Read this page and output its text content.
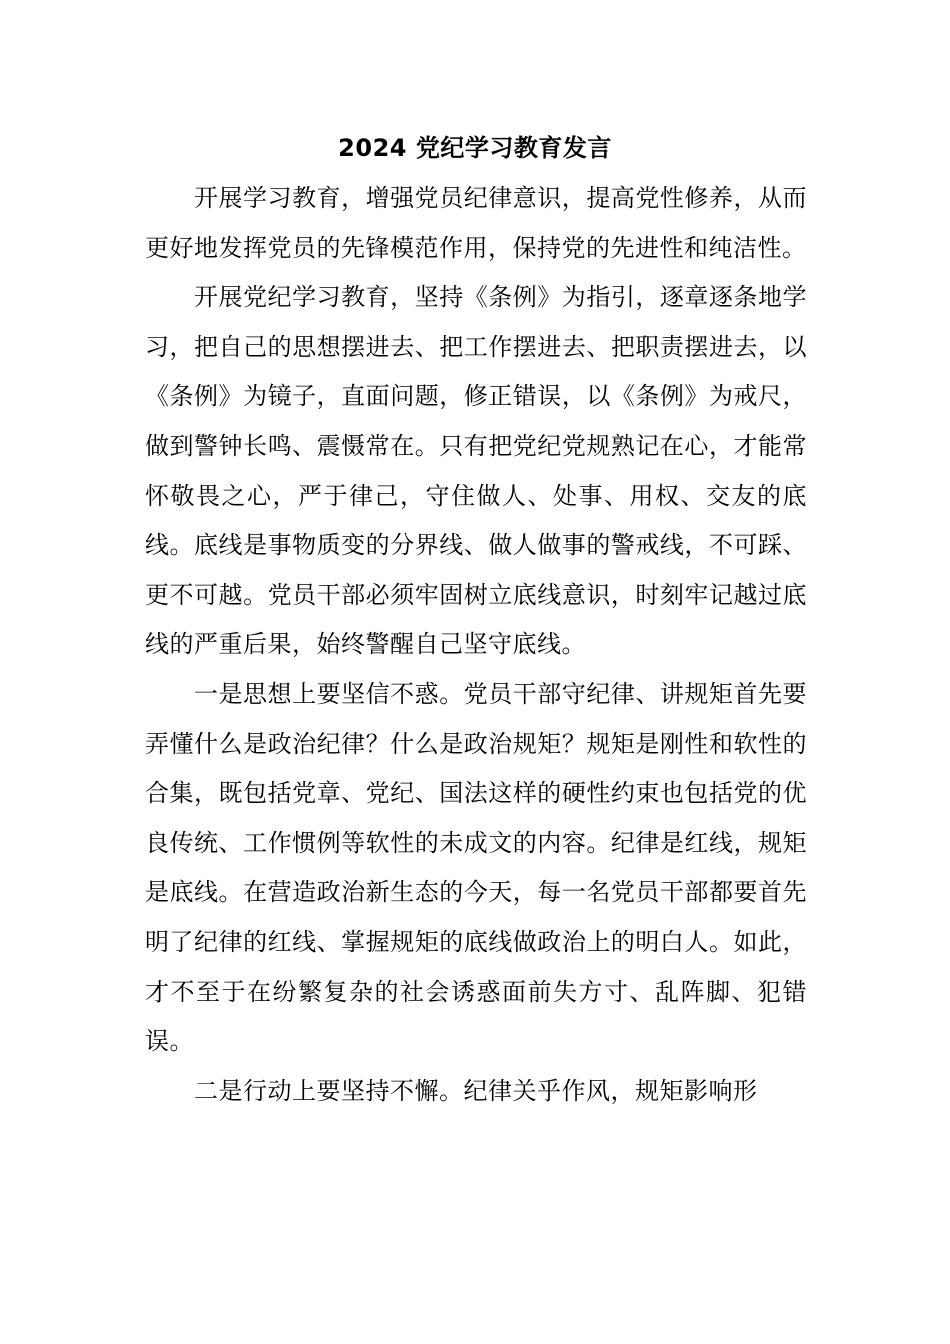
2024 党纪学习教育发言

开展学习教育，增强党员纪律意识，提高党性修养，从而更好地发挥党员的先锋模范作用，保持党的先进性和纯洁性。

开展党纪学习教育，坚持《条例》为指引，逐章逐条地学习，把自己的思想摆进去、把工作摆进去、把职责摆进去，以《条例》为镜子，直面问题，修正错误，以《条例》为戒尺，做到警钟长鸣、震慑常在。只有把党纪党规熟记在心，才能常怀敬畏之心，严于律己，守住做人、处事、用权、交友的底线。底线是事物质变的分界线、做人做事的警戒线，不可踩、更不可越。党员干部必须牢固树立底线意识，时刻牢记越过底线的严重后果，始终警醒自己坚守底线。

一是思想上要坚信不惑。党员干部守纪律、讲规矩首先要弄懂什么是政治纪律？什么是政治规矩？规矩是刚性和软性的合集，既包括党章、党纪、国法这样的硬性约束也包括党的优良传统、工作惯例等软性的未成文的内容。纪律是红线，规矩是底线。在营造政治新生态的今天，每一名党员干部都要首先明了纪律的红线、掌握规矩的底线做政治上的明白人。如此，才不至于在纷繁复杂的社会诱惑面前失方寸、乱阵脚、犯错误。

二是行动上要坚持不懈。纪律关乎作风，规矩影响形
